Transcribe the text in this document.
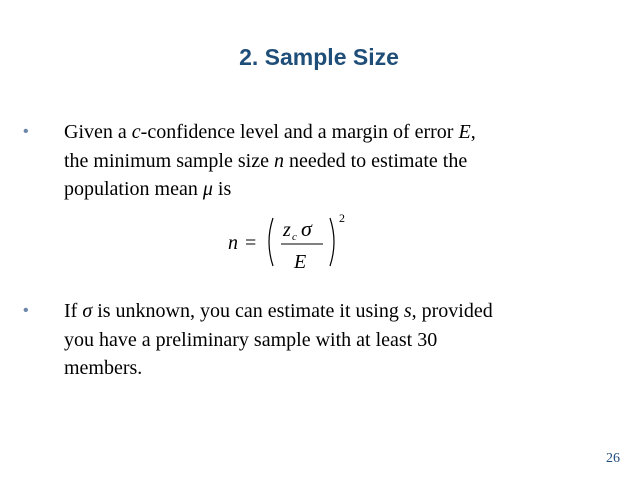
2. Sample Size
•	Given a c-confidence level and a margin of error E,
the minimum sample size n needed to estimate the
population mean μ is
n =
z c σ
E
2
•	If σ is unknown, you can estimate it using s, provided
you have a preliminary sample with at least 30
members.
26
